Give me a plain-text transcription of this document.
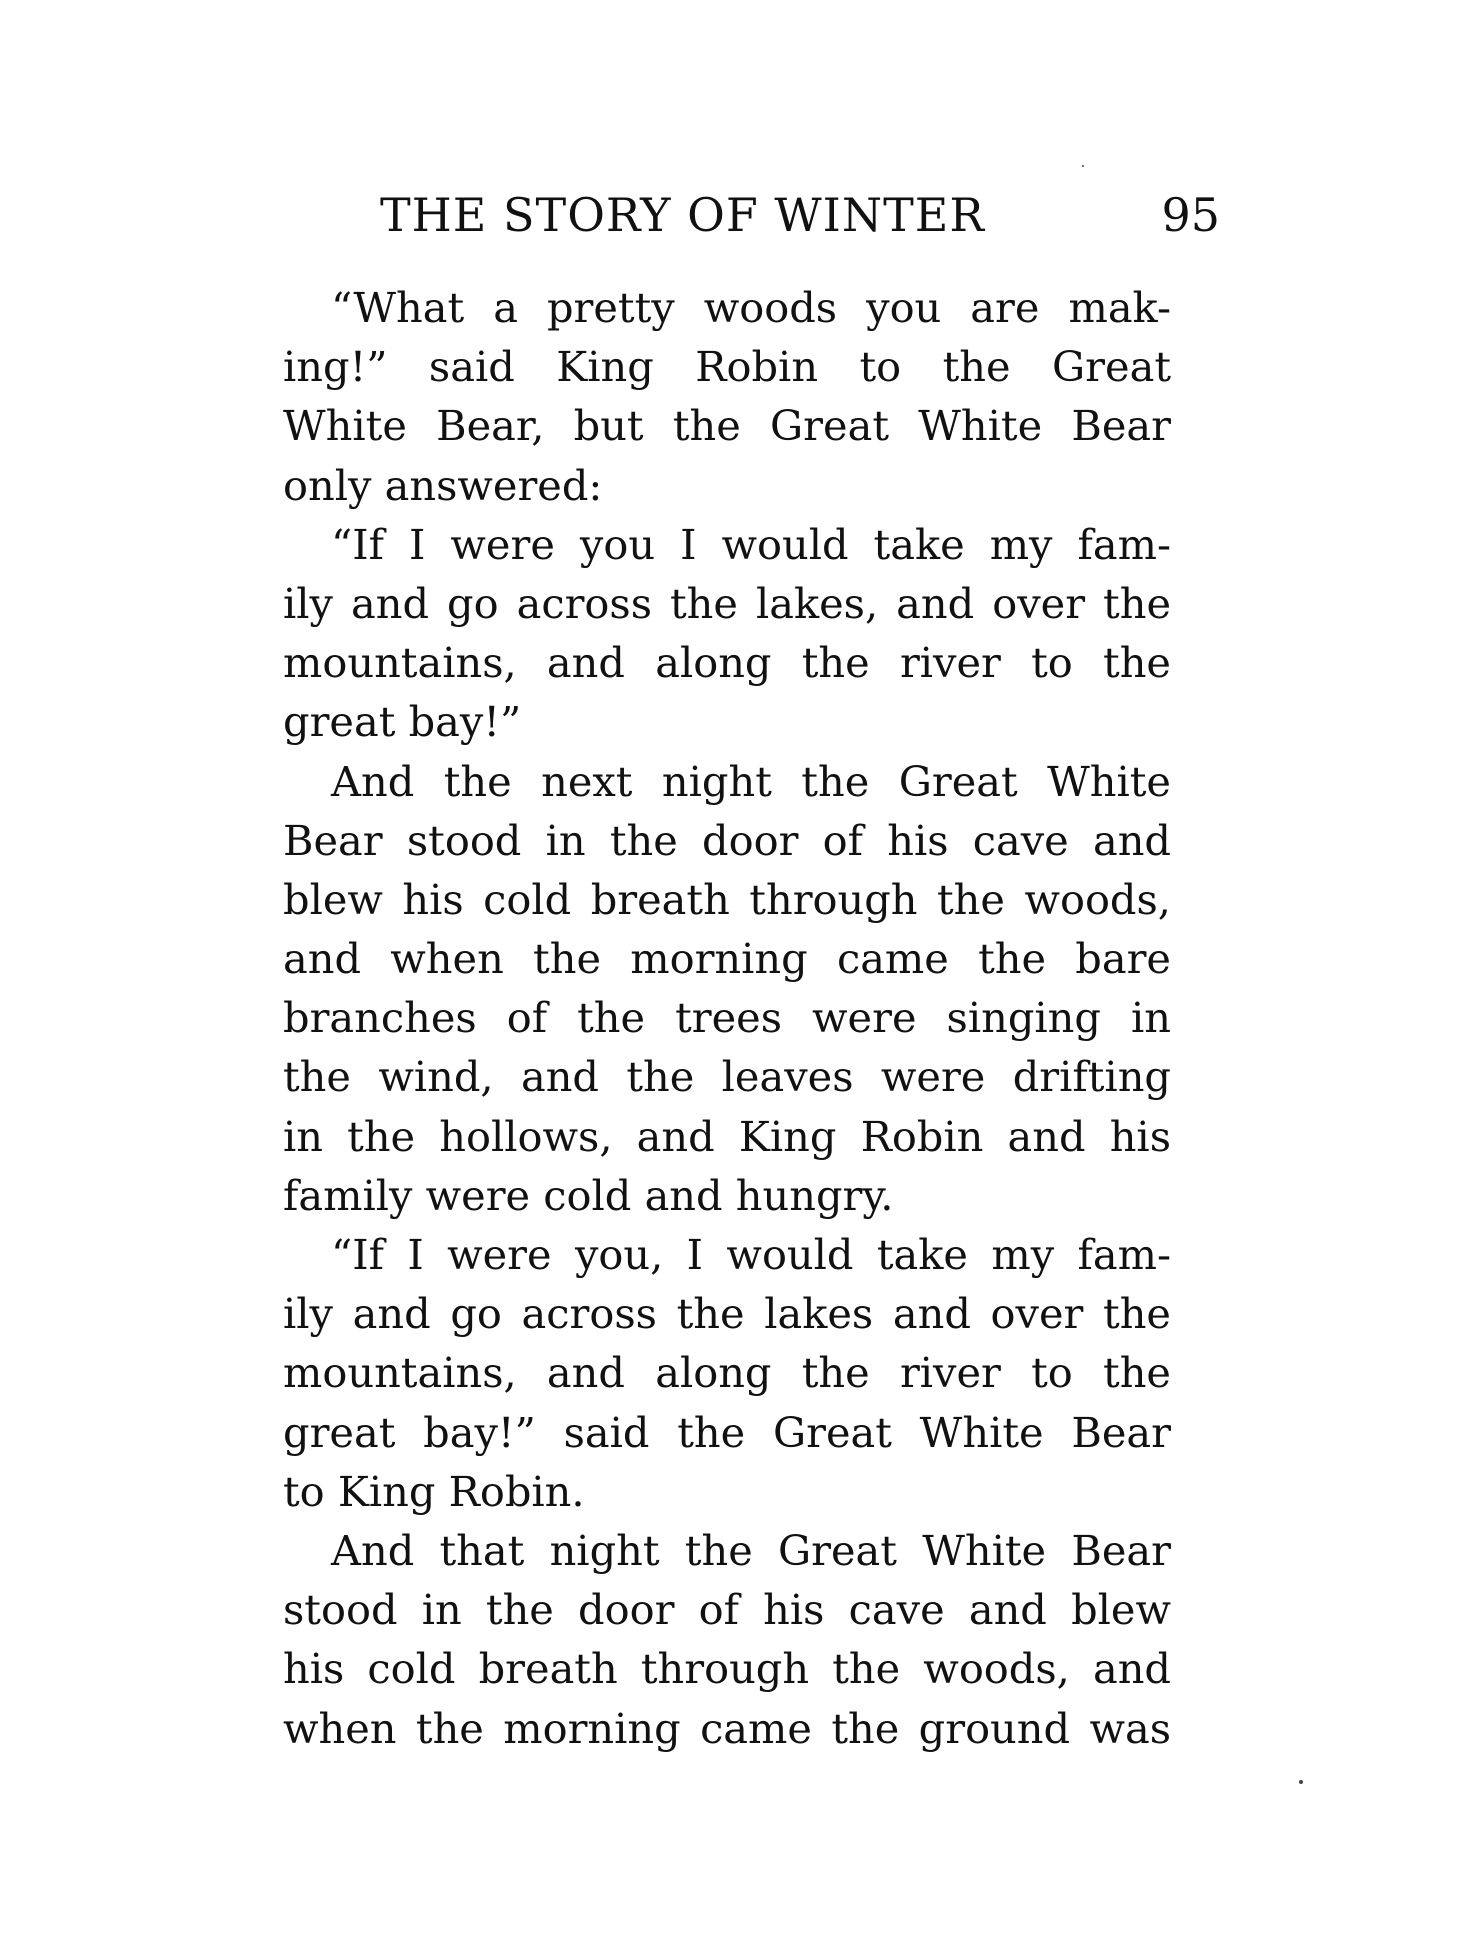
THE STORY OF WINTER	95
“What a pretty woods you are mak-
ing!” said King Robin to the Great
White Bear, but the Great White Bear
only answered:
“If I were you I would take my fam-
ily and go across the lakes, and over the
mountains, and along the river to the
great bay!”
And the next night the Great White
Bear stood in the door of his cave and
blew his cold breath through the woods,
and when the morning came the bare
branches of the trees were singing in
the wind, and the leaves were drifting
in the hollows, and King Robin and his
family were cold and hungry.
“If I were you, I would take my fam-
ily and go across the lakes and over the
mountains, and along the river to the
great bay!” said the Great White Bear
to King Robin.
And that night the Great White Bear
stood in the door of his cave and blew
his cold breath through the woods, and
when the morning came the ground was
